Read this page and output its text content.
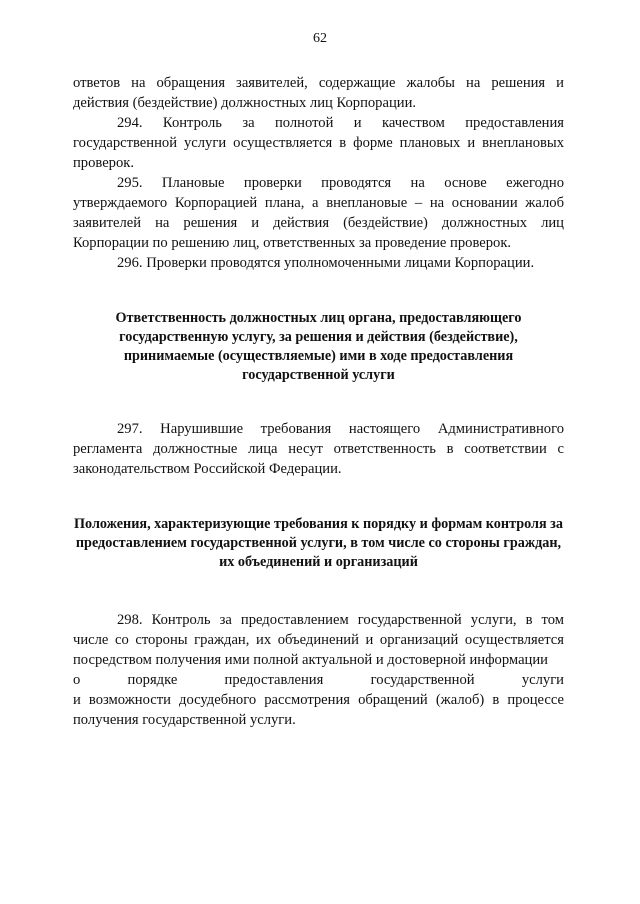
62

ответов на обращения заявителей, содержащие жалобы на решения и действия (бездействие) должностных лиц Корпорации.

294. Контроль за полнотой и качеством предоставления государственной услуги осуществляется в форме плановых и внеплановых проверок.

295. Плановые проверки проводятся на основе ежегодно утверждаемого Корпорацией плана, а внеплановые – на основании жалоб заявителей на решения и действия (бездействие) должностных лиц Корпорации по решению лиц, ответственных за проведение проверок.

296. Проверки проводятся уполномоченными лицами Корпорации.

Ответственность должностных лиц органа, предоставляющего государственную услугу, за решения и действия (бездействие), принимаемые (осуществляемые) ими в ходе предоставления государственной услуги

297. Нарушившие требования настоящего Административного регламента должностные лица несут ответственность в соответствии с законодательством Российской Федерации.

Положения, характеризующие требования к порядку и формам контроля за предоставлением государственной услуги, в том числе со стороны граждан, их объединений и организаций

298. Контроль за предоставлением государственной услуги, в том числе со стороны граждан, их объединений и организаций осуществляется посредством получения ими полной актуальной и достоверной информации

о	порядке	предоставления	государственной	услуги

и возможности досудебного рассмотрения обращений (жалоб) в процессе получения государственной услуги.
